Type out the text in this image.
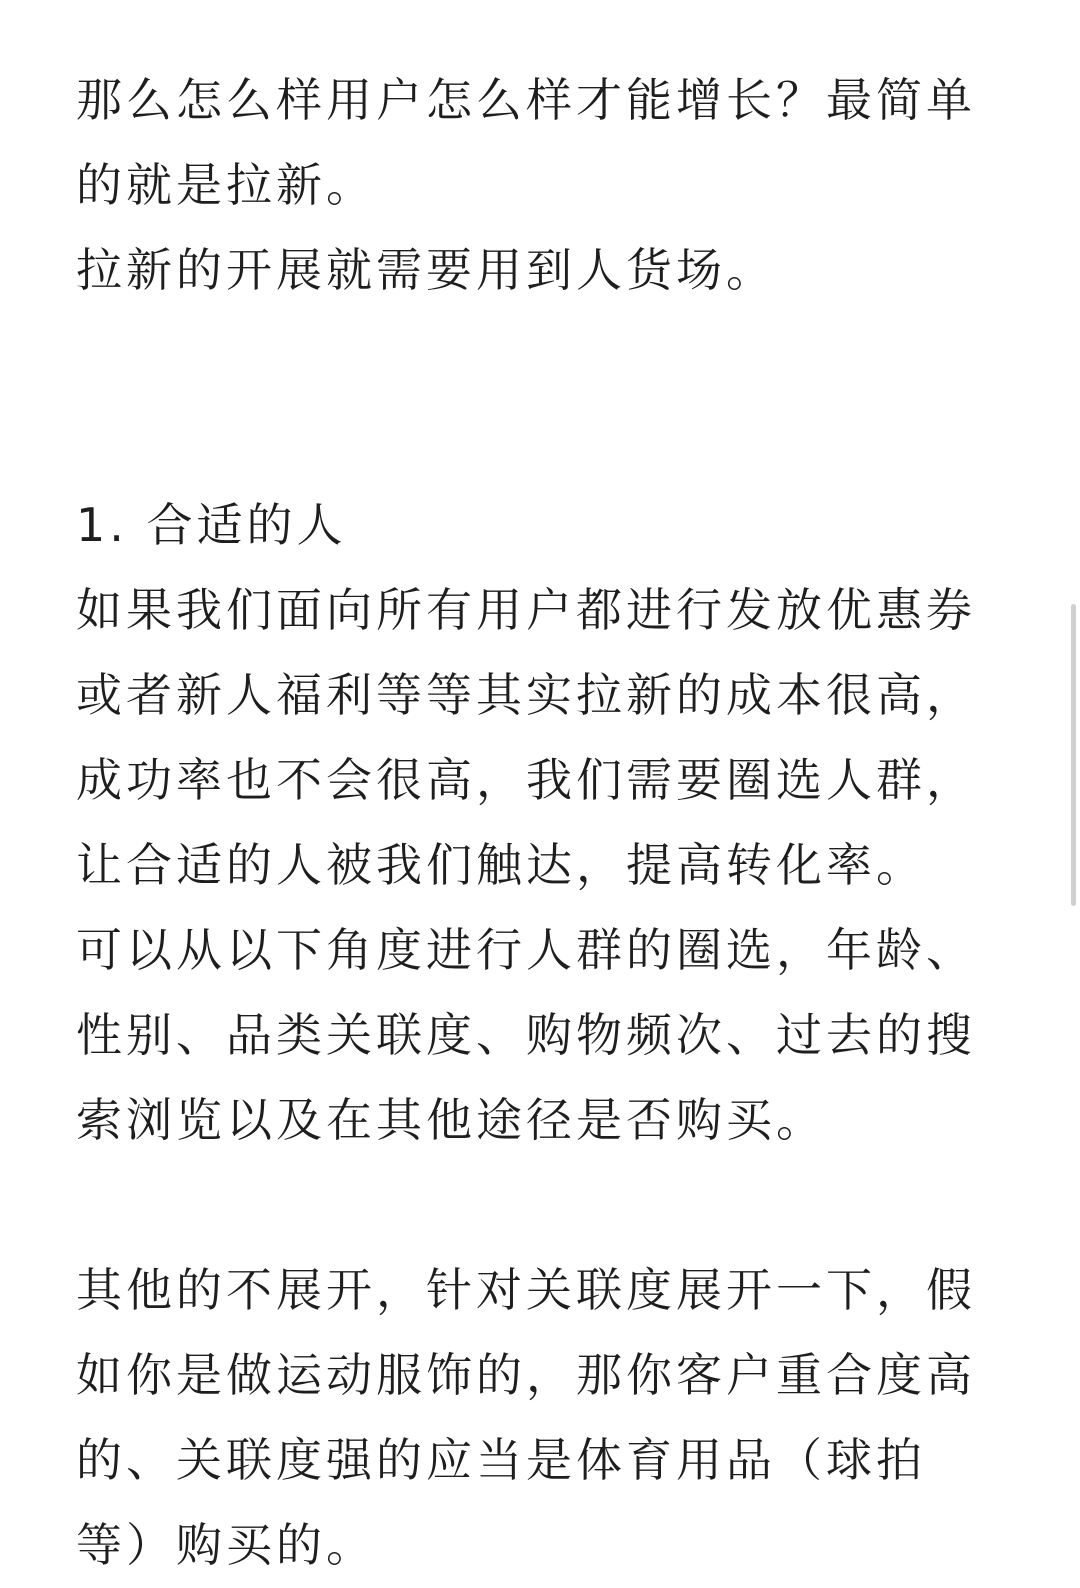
那么怎么样用户怎么样才能增长？最简单
的就是拉新。
拉新的开展就需要用到人货场。
1. 合适的人
如果我们面向所有用户都进行发放优惠券
或者新人福利等等其实拉新的成本很高，
成功率也不会很高，我们需要圈选人群，
让合适的人被我们触达，提高转化率。
可以从以下角度进行人群的圈选，年龄、
性别、品类关联度、购物频次、过去的搜
索浏览以及在其他途径是否购买。
其他的不展开，针对关联度展开一下，假
如你是做运动服饰的，那你客户重合度高
的、关联度强的应当是体育用品（球拍
等）购买的。
